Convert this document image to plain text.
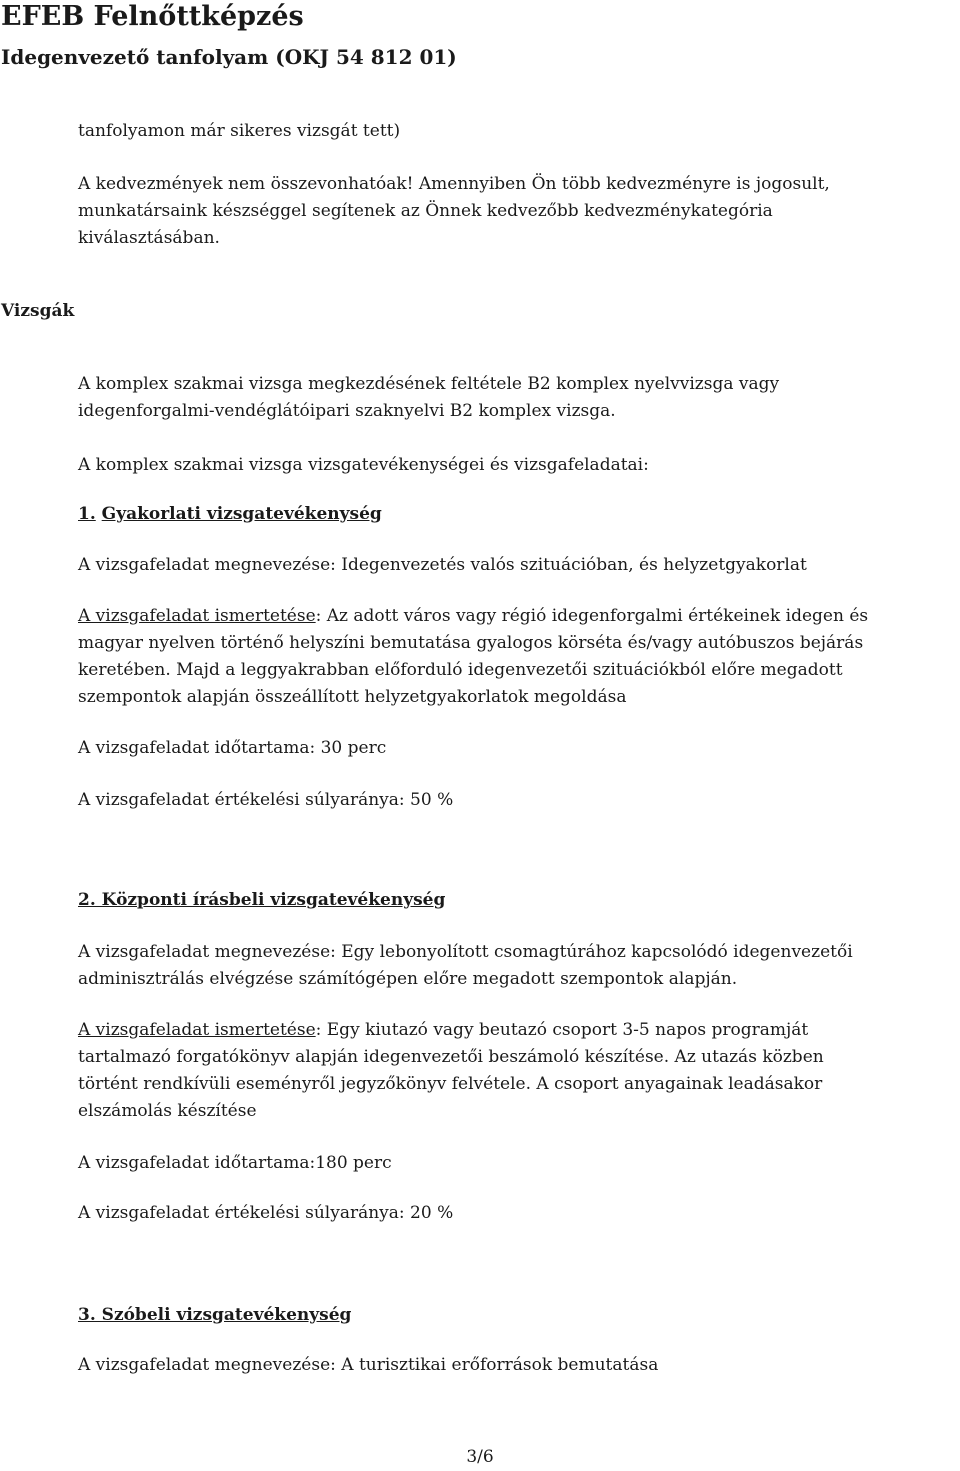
EFEB Felnőttképzés
Idegenvezető tanfolyam (OKJ 54 812 01)
tanfolyamon már sikeres vizsgát tett)
A kedvezmények nem összevonhatóak! Amennyiben Ön több kedvezményre is jogosult,
munkatársaink készséggel segítenek az Önnek kedvezőbb kedvezménykategória
kiválasztásában.
Vizsgák
A komplex szakmai vizsga megkezdésének feltétele B2 komplex nyelvvizsga vagy
idegenforgalmi-vendéglátóipari szaknyelvi B2 komplex vizsga.
A komplex szakmai vizsga vizsgatevékenységei és vizsgafeladatai:
1. Gyakorlati vizsgatevékenység
A vizsgafeladat megnevezése: Idegenvezetés valós szituációban, és helyzetgyakorlat
A vizsgafeladat ismertetése: Az adott város vagy régió idegenforgalmi értékeinek idegen és
magyar nyelven történő helyszíni bemutatása gyalogos körséta és/vagy autóbuszos bejárás
keretében. Majd a leggyakrabban előforduló idegenvezetői szituációkból előre megadott
szempontok alapján összeállított helyzetgyakorlatok megoldása
A vizsgafeladat időtartama: 30 perc
A vizsgafeladat értékelési súlyaránya: 50 %
2. Központi írásbeli vizsgatevékenység
A vizsgafeladat megnevezése: Egy lebonyolított csomagtúrához kapcsolódó idegenvezetői
adminisztrálás elvégzése számítógépen előre megadott szempontok alapján.
A vizsgafeladat ismertetése: Egy kiutazó vagy beutazó csoport 3-5 napos programját
tartalmazó forgatókönyv alapján idegenvezetői beszámoló készítése. Az utazás közben
történt rendkívüli eseményről jegyzőkönyv felvétele. A csoport anyagainak leadásakor
elszámolás készítése
A vizsgafeladat időtartama:180 perc
A vizsgafeladat értékelési súlyaránya: 20 %
3. Szóbeli vizsgatevékenység
A vizsgafeladat megnevezése: A turisztikai erőforrások bemutatása
3/6
